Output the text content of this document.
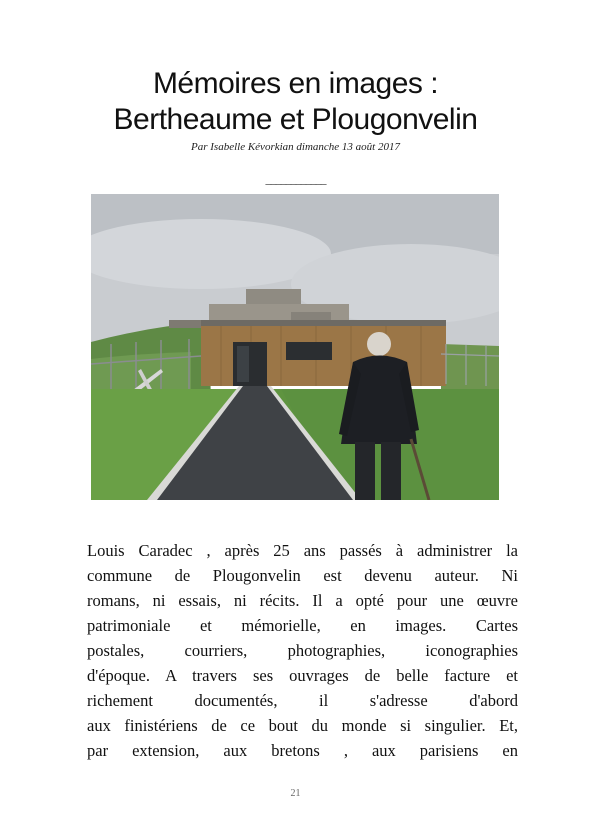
Mémoires en images :
Bertheaume et Plougonvelin
Par Isabelle Kévorkian dimanche 13 août 2017
____________
Louis Caradec , après 25 ans passés à administrer la
commune de Plougonvelin est devenu auteur. Ni
romans, ni essais, ni récits. Il a opté pour une œuvre
patrimoniale et mémorielle, en images. Cartes
postales, courriers, photographies, iconographies
d'époque. A travers ses ouvrages de belle facture et
richement documentés, il s'adresse d'abord
aux finistériens de ce bout du monde si singulier. Et,
par extension, aux bretons , aux parisiens en
21
